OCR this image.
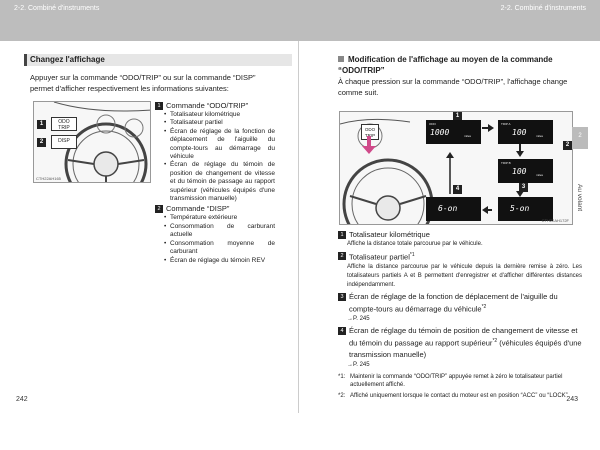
2-2. Combiné d'instruments	2-2. Combiné d'instruments
Changez l'affichage
Appuyer sur la commande “ODO/TRIP” ou sur la commande “DISP” permet d'afficher respectivement les informations suivantes:
1
2
ODO TRIP
DISP
CTH22AH165
1 Commande “ODO/TRIP”
• Totalisateur kilométrique
• Totalisateur partiel
• Écran de réglage de la fonction de déplacement de l'aiguille du compte-tours au démarrage du véhicule
• Écran de réglage du témoin de position de changement de vitesse et du témoin de passage au rapport supérieur (véhicules équipés d'une transmission manuelle)
2 Commande “DISP”
• Température extérieure
• Consommation de carburant actuelle
• Consommation moyenne de carburant
• Écran de réglage du témoin REV
242
Modification de l'affichage au moyen de la commande “ODO/TRIP”
À chaque pression sur la commande “ODO/TRIP”, l'affichage change comme suit.
ODO TRIP
1
2
3
4
ODO
1000	miles
TRIP A
100	miles
TRIP B
100	miles
6-on	5-on
CTH22AH172F
2
Au volant
1 Totalisateur kilométrique
Affiche la distance totale parcourue par le véhicule.
2 Totalisateur partiel$^{*1}$
Affiche la distance parcourue par le véhicule depuis la dernière remise à zéro. Les totalisateurs partiels A et B permettent d'enregistrer et d'afficher différentes distances indépendamment.
3 Écran de réglage de la fonction de déplacement de l'aiguille du compte-tours au démarrage du véhicule$^{*2}$
→P. 245
4 Écran de réglage du témoin de position de changement de vitesse et du témoin du passage au rapport supérieur$^{*2}$ (véhicules équipés d'une transmission manuelle)
→P. 245
*1: Maintenir la commande “ODO/TRIP” appuyée remet à zéro le totalisateur partiel actuellement affiché.
*2: Affiché uniquement lorsque le contact du moteur est en position “ACC” ou “LOCK”
243
